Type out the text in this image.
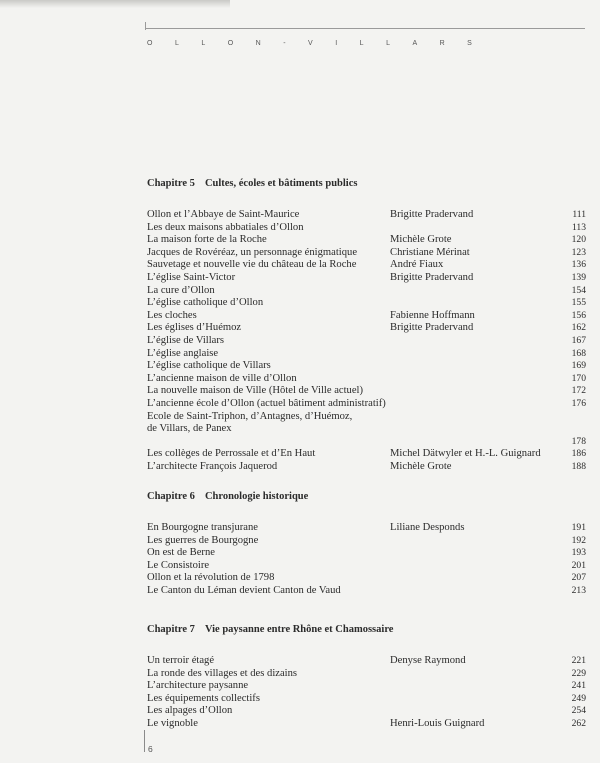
OLLON-VILLARS
Chapitre 5 Cultes, écoles et bâtiments publics
Ollon et l’Abbaye de Saint-Maurice	Brigitte Pradervand	111
Les deux maisons abbatiales d’Ollon	113
La maison forte de la Roche	Michèle Grote	120
Jacques de Rovéréaz, un personnage énigmatique	Christiane Mérinat	123
Sauvetage et nouvelle vie du château de la Roche	André Fiaux	136
L’église Saint-Victor	Brigitte Pradervand	139
La cure d’Ollon	154
L’église catholique d’Ollon	155
Les cloches	Fabienne Hoffmann	156
Les églises d’Huémoz	Brigitte Pradervand	162
L’église de Villars	167
L’église anglaise	168
L’église catholique de Villars	169
L’ancienne maison de ville d’Ollon	170
La nouvelle maison de Ville (Hôtel de Ville actuel)	172
L’ancienne école d’Ollon (actuel bâtiment administratif)	176
Ecole de Saint-Triphon, d’Antagnes, d’Huémoz,
de Villars, de Panex
178
Les collèges de Perrossale et d’En Haut	Michel Dätwyler et H.-L. Guignard	186
L’architecte François Jaquerod	Michèle Grote	188
Chapitre 6 Chronologie historique
En Bourgogne transjurane	Liliane Desponds	191
Les guerres de Bourgogne	192
On est de Berne	193
Le Consistoire	201
Ollon et la révolution de 1798	207
Le Canton du Léman devient Canton de Vaud	213
Chapitre 7 Vie paysanne entre Rhône et Chamossaire
Un terroir étagé	Denyse Raymond	221
La ronde des villages et des dizains	229
L’architecture paysanne	241
Les équipements collectifs	249
Les alpages d’Ollon	254
Le vignoble	Henri-Louis Guignard	262
6
